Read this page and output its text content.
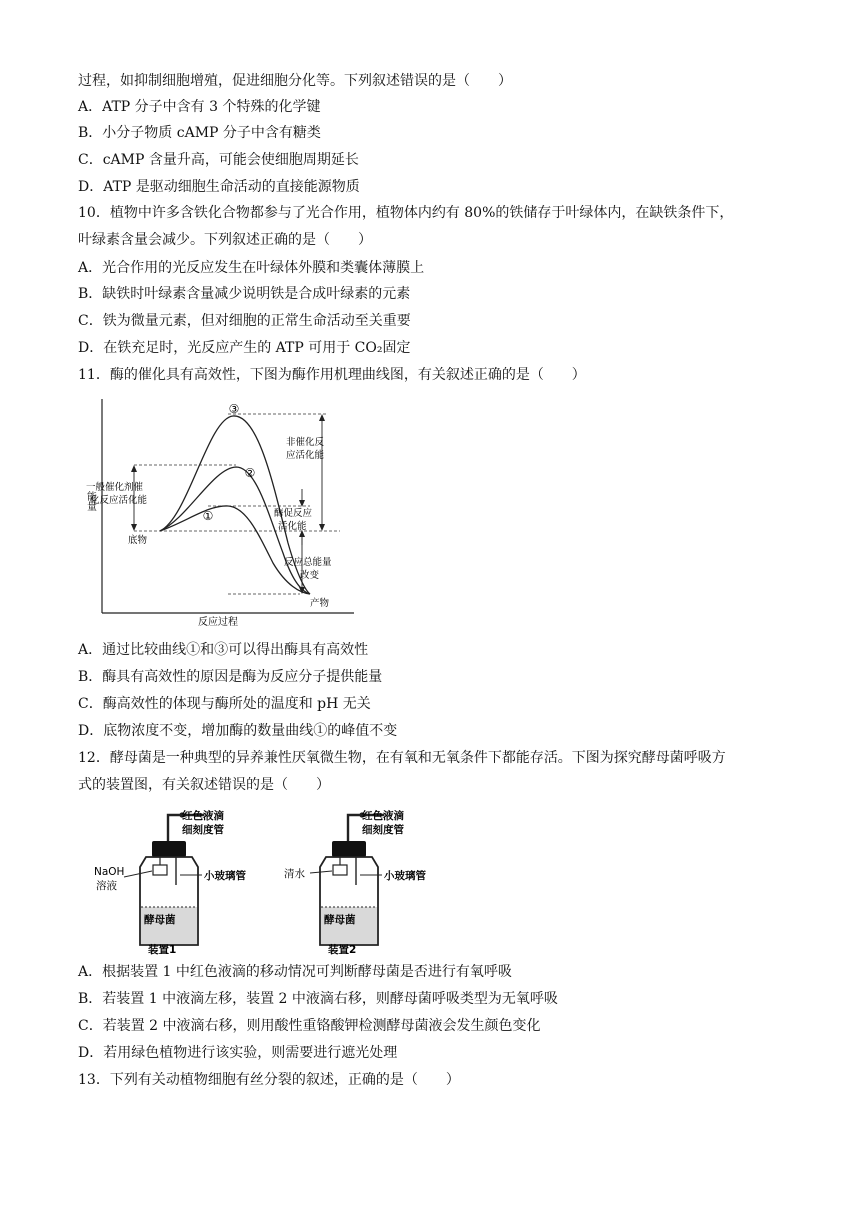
过程，如抑制细胞增殖，促进细胞分化等。下列叙述错误的是（　　）
A．ATP 分子中含有 3 个特殊的化学键
B．小分子物质 cAMP 分子中含有糖类
C．cAMP 含量升高，可能会使细胞周期延长
D．ATP 是驱动细胞生命活动的直接能源物质
10．植物中许多含铁化合物都参与了光合作用，植物体内约有 80%的铁储存于叶绿体内，在缺铁条件下，
叶绿素含量会减少。下列叙述正确的是（　　）
A．光合作用的光反应发生在叶绿体外膜和类囊体薄膜上
B．缺铁时叶绿素含量减少说明铁是合成叶绿素的元素
C．铁为微量元素，但对细胞的正常生命活动至关重要
D．在铁充足时，光反应产生的 ATP 可用于 CO₂固定
11．酶的催化具有高效性，下图为酶作用机理曲线图，有关叙述正确的是（　　）
能量
反应过程
③
②
①
一般催化剂催
化反应活化能
底物
非催化反
应活化能
酶促反应
活化能
反应总能量
改变
产物
A．通过比较曲线①和③可以得出酶具有高效性
B．酶具有高效性的原因是酶为反应分子提供能量
C．酶高效性的体现与酶所处的温度和 pH 无关
D．底物浓度不变，增加酶的数量曲线①的峰值不变
12．酵母菌是一种典型的异养兼性厌氧微生物，在有氧和无氧条件下都能存活。下图为探究酵母菌呼吸方
式的装置图，有关叙述错误的是（　　）
红色液滴
细刻度管
小玻璃管
NaOH
溶液
酵母菌
装置1
红色液滴
细刻度管
小玻璃管
清水
酵母菌
装置2
A．根据装置 1 中红色液滴的移动情况可判断酵母菌是否进行有氧呼吸
B．若装置 1 中液滴左移，装置 2 中液滴右移，则酵母菌呼吸类型为无氧呼吸
C．若装置 2 中液滴右移，则用酸性重铬酸钾检测酵母菌液会发生颜色变化
D．若用绿色植物进行该实验，则需要进行遮光处理
13．下列有关动植物细胞有丝分裂的叙述，正确的是（　　）
